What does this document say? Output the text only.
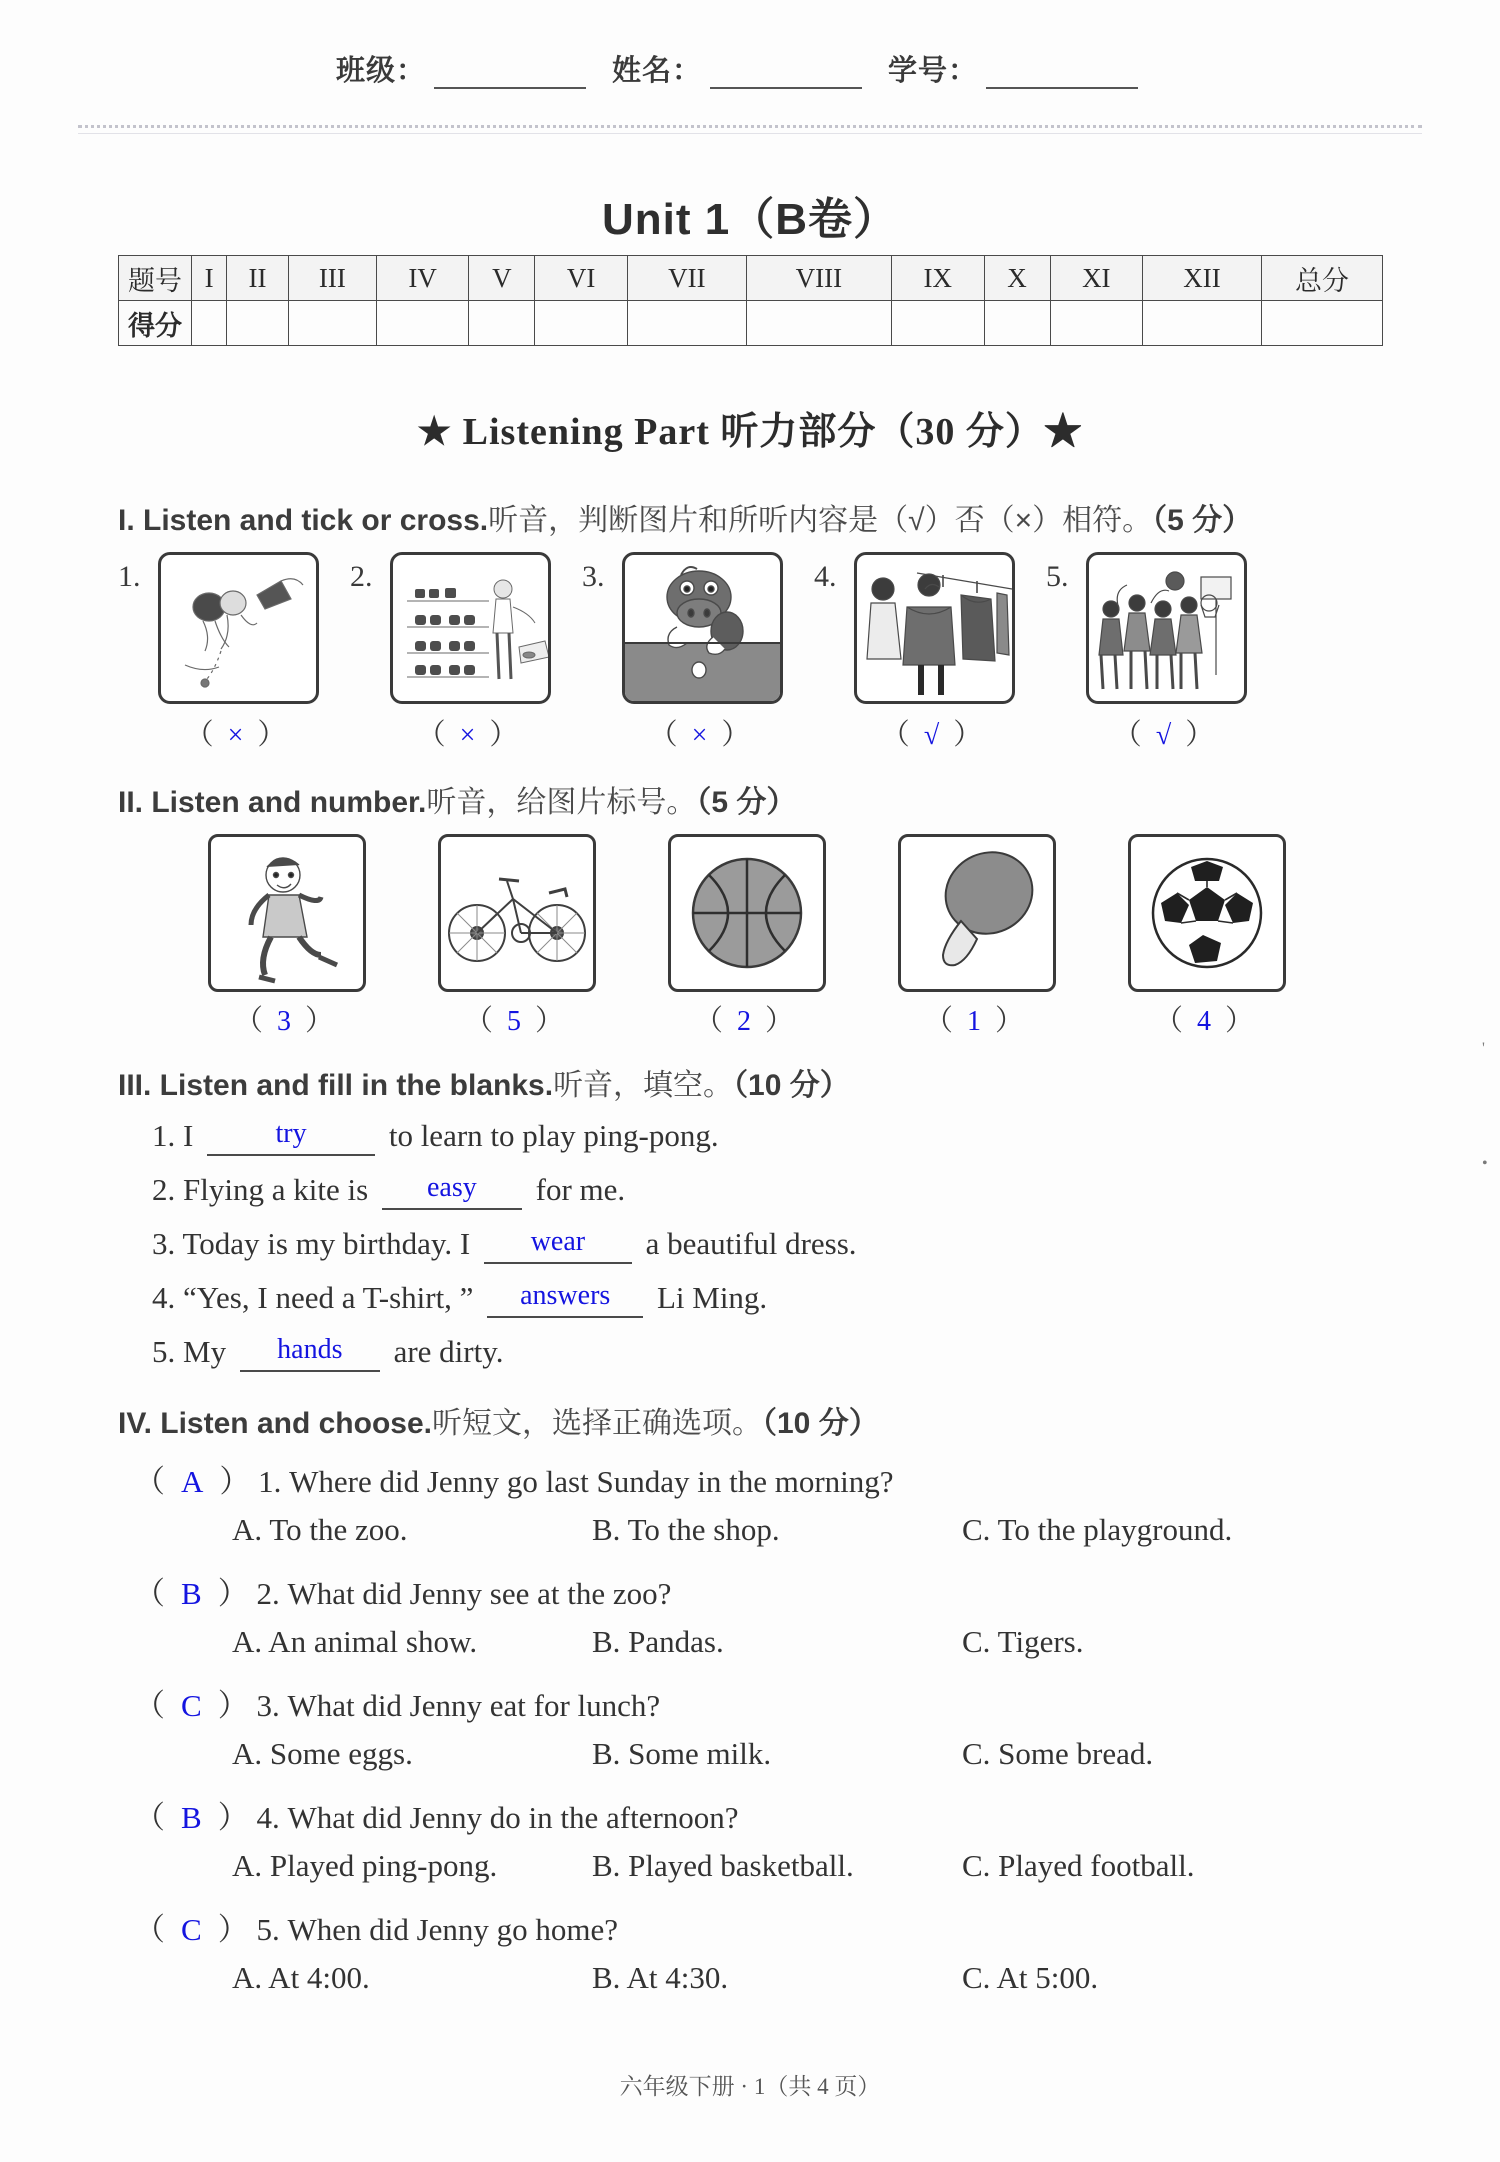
班级：	姓名：	学号：
Unit 1（B卷）
题号	I	II	III	IV	V	VI	VII	VIII	IX	X	XI	XII	总分
得分													
★ Listening Part 听力部分（30 分）★
I. Listen and tick or cross.听音，判断图片和所听内容是（√）否（×）相符。（5 分）
1.
（ × ）
2.
（ × ）
3.
（ × ）
4.
（ √ ）
5.
（ √ ）
II. Listen and number.听音，给图片标号。（5 分）
（ 3 ）	（ 5 ）	（ 2 ）	（ 1 ）	（ 4 ）
III. Listen and fill in the blanks.听音，填空。（10 分）
1. I	try	to learn to play ping-pong.
2. Flying a kite is easy for me.
3. Today is my birthday. I wear a beautiful dress.
4. “Yes, I need a T-shirt, ” answers Li Ming.
5. My hands are dirty.
IV. Listen and choose.听短文，选择正确选项。（10 分）
（ A ） 1. Where did Jenny go last Sunday in the morning?
A. To the zoo.	B. To the shop.	C. To the playground.
（ B ） 2. What did Jenny see at the zoo?
A. An animal show.	B. Pandas.	C. Tigers.
（ C ） 3. What did Jenny eat for lunch?
A. Some eggs.	B. Some milk.	C. Some bread.
（ B ） 4. What did Jenny do in the afternoon?
A. Played ping-pong.	B. Played basketball.	C. Played football.
（ C ） 5. When did Jenny go home?
A. At 4:00.	B. At 4:30.	C. At 5:00.
六年级下册 · 1（共 4 页）
'
•
